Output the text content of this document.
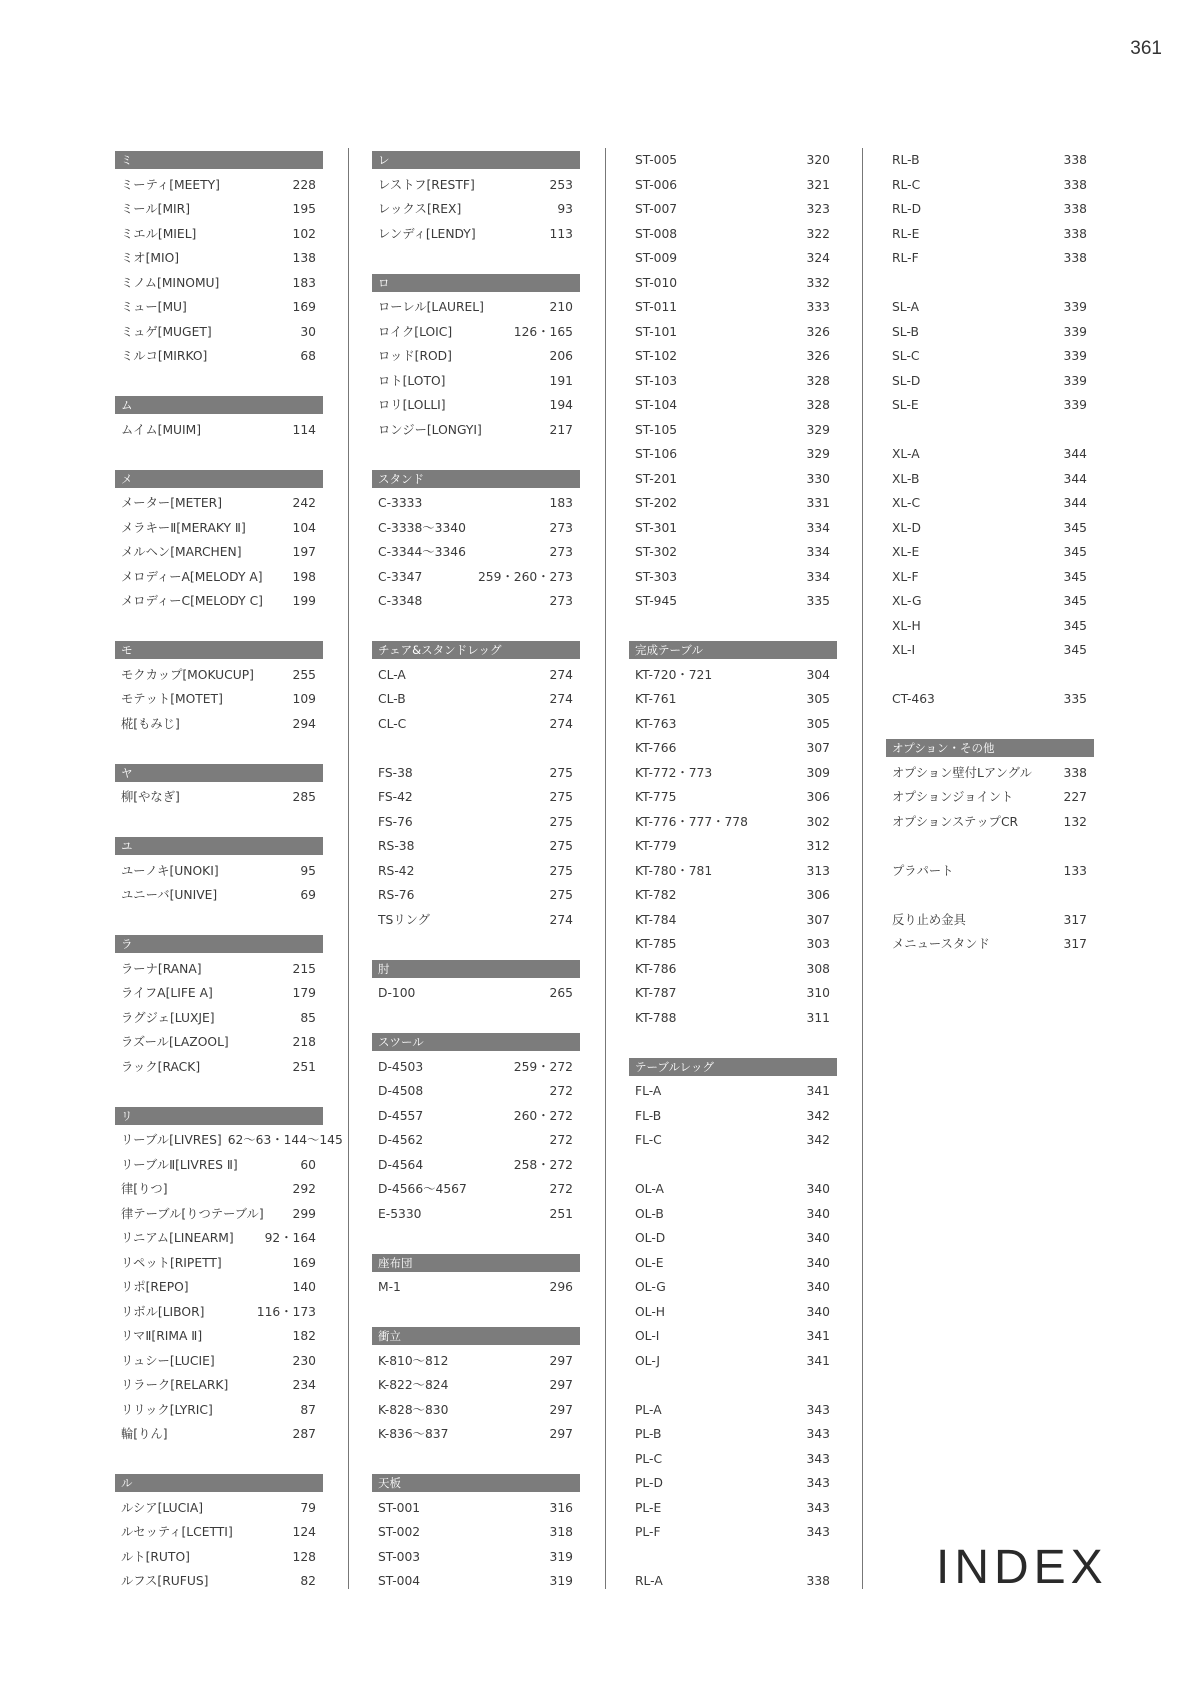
361
ミ
ミーティ[MEETY]	228
ミール[MIR]	195
ミエル[MIEL]	102
ミオ[MIO]	138
ミノム[MINOMU]	183
ミュー[MU]	169
ミュゲ[MUGET]	30
ミルコ[MIRKO]	68
ム
ムイム[MUIM]	114
メ
メーター[METER]	242
メラキーⅡ[MERAKY Ⅱ]	104
メルヘン[MARCHEN]	197
メロディーA[MELODY A]	198
メロディーC[MELODY C]	199
モ
モクカップ[MOKUCUP]	255
モテット[MOTET]	109
椛[もみじ]	294
ヤ
柳[やなぎ]	285
ユ
ユーノキ[UNOKI]	95
ユニーバ[UNIVE]	69
ラ
ラーナ[RANA]	215
ライフA[LIFE A]	179
ラグジェ[LUXJE]	85
ラズール[LAZOOL]	218
ラック[RACK]	251
リ
リーブル[LIVRES] 62～63・144～145
リーブルⅡ[LIVRES Ⅱ]	60
律[りつ]	292
律テーブル[りつテーブル]	299
リニアム[LINEARM]	92・164
リペット[RIPETT]	169
リポ[REPO]	140
リボル[LIBOR]	116・173
リマⅡ[RIMA Ⅱ]	182
リュシー[LUCIE]	230
リラーク[RELARK]	234
リリック[LYRIC]	87
輪[りん]	287
ル
ルシア[LUCIA]	79
ルセッティ[LCETTI]	124
ルト[RUTO]	128
ルフス[RUFUS]	82
レ
レストフ[RESTF]	253
レックス[REX]	93
レンディ[LENDY]	113
ロ
ローレル[LAUREL]	210
ロイク[LOIC]	126・165
ロッド[ROD]	206
ロト[LOTO]	191
ロリ[LOLLI]	194
ロンジー[LONGYI]	217
スタンド
C-3333	183
C-3338～3340	273
C-3344～3346	273
C-3347	259・260・273
C-3348	273
チェア&スタンドレッグ
CL-A	274
CL-B	274
CL-C	274
FS-38	275
FS-42	275
FS-76	275
RS-38	275
RS-42	275
RS-76	275
TSリング	274
肘
D-100	265
スツール
D-4503	259・272
D-4508	272
D-4557	260・272
D-4562	272
D-4564	258・272
D-4566～4567	272
E-5330	251
座布団
M-1	296
衝立
K-810～812	297
K-822～824	297
K-828～830	297
K-836～837	297
天板
ST-001	316
ST-002	318
ST-003	319
ST-004	319
ST-005	320
ST-006	321
ST-007	323
ST-008	322
ST-009	324
ST-010	332
ST-011	333
ST-101	326
ST-102	326
ST-103	328
ST-104	328
ST-105	329
ST-106	329
ST-201	330
ST-202	331
ST-301	334
ST-302	334
ST-303	334
ST-945	335
完成テーブル
KT-720・721	304
KT-761	305
KT-763	305
KT-766	307
KT-772・773	309
KT-775	306
KT-776・777・778	302
KT-779	312
KT-780・781	313
KT-782	306
KT-784	307
KT-785	303
KT-786	308
KT-787	310
KT-788	311
テーブルレッグ
FL-A	341
FL-B	342
FL-C	342
OL-A	340
OL-B	340
OL-D	340
OL-E	340
OL-G	340
OL-H	340
OL-I	341
OL-J	341
PL-A	343
PL-B	343
PL-C	343
PL-D	343
PL-E	343
PL-F	343
RL-A	338
RL-B	338
RL-C	338
RL-D	338
RL-E	338
RL-F	338
SL-A	339
SL-B	339
SL-C	339
SL-D	339
SL-E	339
XL-A	344
XL-B	344
XL-C	344
XL-D	345
XL-E	345
XL-F	345
XL-G	345
XL-H	345
XL-I	345
CT-463	335
オプション・その他
オプション壁付Lアングル	338
オプションジョイント	227
オプションステップCR	132
プラパート	133
反り止め金具	317
メニュースタンド	317
INDEX
